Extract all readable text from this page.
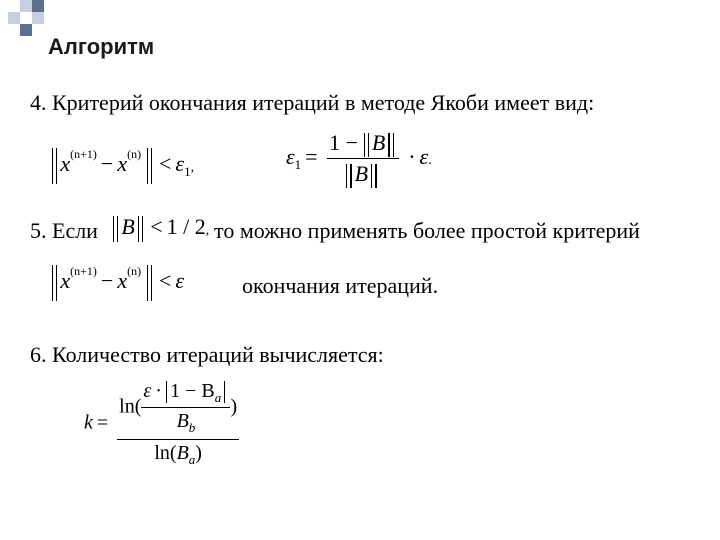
Алгоритм
4. Критерий окончания итераций в методе Якоби имеет вид:
‖ $x^{(n+1)} - x^{(n)}$ ‖ < $\varepsilon_1$,	$\varepsilon_1 = \frac{1 - ‖ B ‖}{‖ B ‖} \cdot \varepsilon$.
5. Если ‖ B ‖ < 1 / 2, то можно применять более простой критерий
‖ $x^{(n+1)} - x^{(n)}$ ‖ < ε	окончания итераций.
6. Количество итераций вычисляется:
$k = \frac{\ln( \frac{\varepsilon \cdot 1 - B_a}{B_b} )}{\ln(B_a)}$
